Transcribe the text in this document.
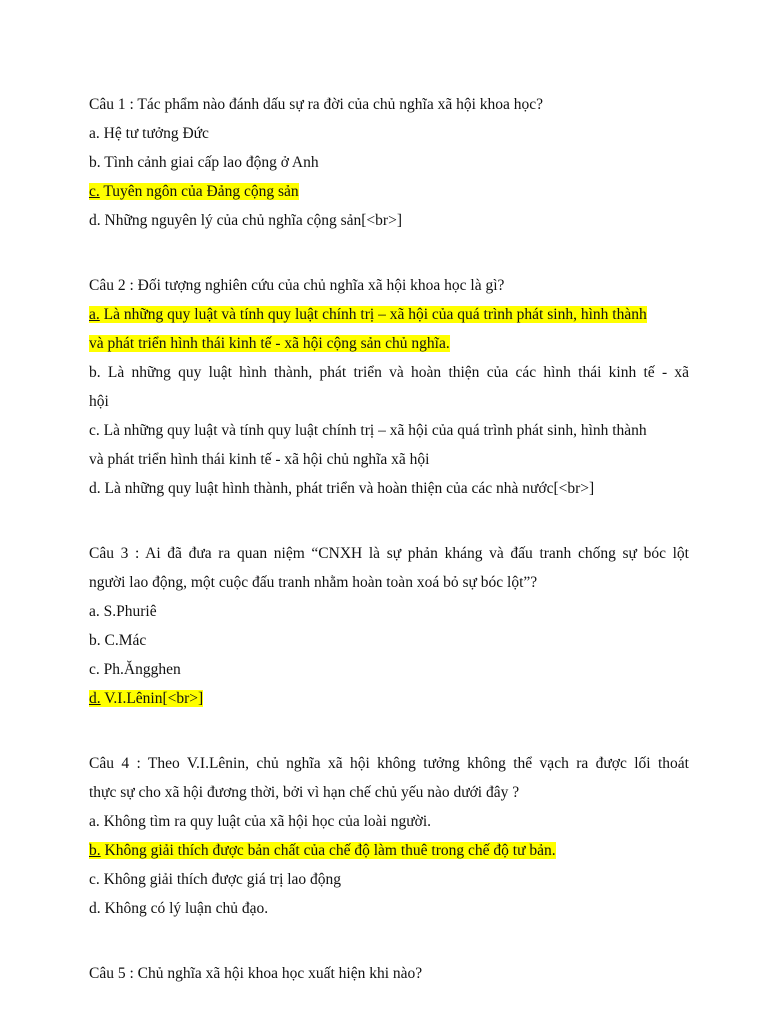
Câu 1 : Tác phẩm nào đánh dấu sự ra đời của chủ nghĩa xã hội khoa học?
a. Hệ tư tưởng Đức
b. Tình cảnh giai cấp lao động ở Anh
c. Tuyên ngôn của Đảng cộng sản
d. Những nguyên lý của chủ nghĩa cộng sản[<br>]
Câu 2 : Đối tượng nghiên cứu của chủ nghĩa xã hội khoa học là gì?
a. Là những quy luật và tính quy luật chính trị – xã hội của quá trình phát sinh, hình thành
và phát triển hình thái kinh tế - xã hội cộng sản chủ nghĩa.
b. Là những quy luật hình thành, phát triển và hoàn thiện của các hình thái kinh tế - xã
hội
c. Là những quy luật và tính quy luật chính trị – xã hội của quá trình phát sinh, hình thành
và phát triển hình thái kinh tế - xã hội chủ nghĩa xã hội
d. Là những quy luật hình thành, phát triển và hoàn thiện của các nhà nước[<br>]
Câu 3 : Ai đã đưa ra quan niệm “CNXH là sự phản kháng và đấu tranh chống sự bóc lột
người lao động, một cuộc đấu tranh nhằm hoàn toàn xoá bỏ sự bóc lột”?
a. S.Phuriê
b. C.Mác
c. Ph.Ăngghen
d. V.I.Lênin[<br>]
Câu 4 : Theo V.I.Lênin, chủ nghĩa xã hội không tưởng không thể vạch ra được lối thoát
thực sự cho xã hội đương thời, bởi vì hạn chế chủ yếu nào dưới đây ?
a. Không tìm ra quy luật của xã hội học của loài người.
b. Không giải thích được bản chất của chế độ làm thuê trong chế độ tư bản.
c. Không giải thích được giá trị lao động
d. Không có lý luận chủ đạo.
Câu 5 : Chủ nghĩa xã hội khoa học xuất hiện khi nào?
